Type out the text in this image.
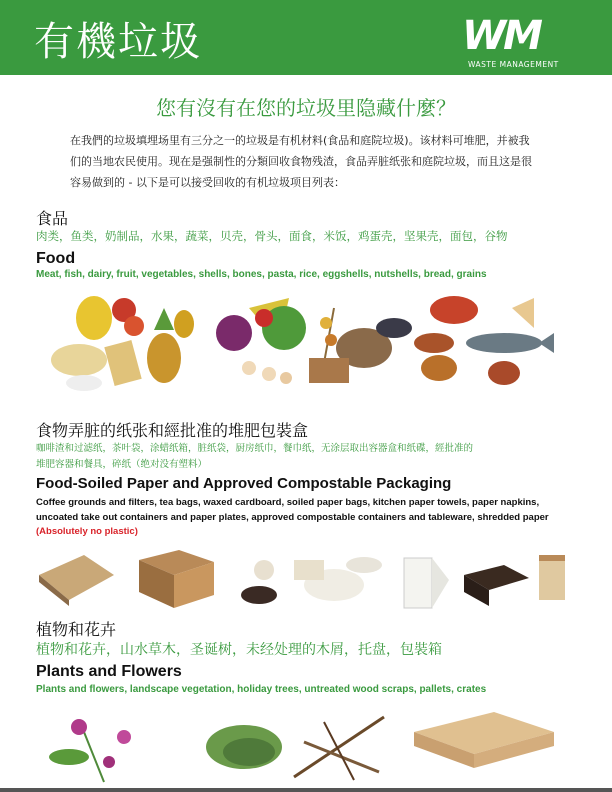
有機垃圾	WM
WASTE MANAGEMENT
您有沒有在您的垃圾里隐藏什麼？
在我們的垃圾填埋场里有三分之一的垃圾是有机材料(食品和庭院垃圾)。该材料可堆肥，并被我们的当地农民使用。现在是强制性的分類回收食物残渣，食品弄脏纸张和庭院垃圾，而且这是很容易做到的 - 以下是可以接受回收的有机垃圾项目列表：
食品
肉类，鱼类，奶制品，水果，蔬菜，贝壳，骨头，面食，米饭，鸡蛋壳，坚果壳，面包，谷物
Food
Meat, fish, dairy, fruit, vegetables, shells, bones, pasta, rice, eggshells, nutshells, bread, grains
食物弄脏的纸张和經批准的堆肥包裝盒
咖啡渣和过滤纸，茶叶袋，涂蜡纸箱，脏纸袋，厨房纸巾，餐巾纸，无涂层取出容器盒和纸碟，經批准的
堆肥容器和餐具，碎纸（绝对没有塑料）
Food-Soiled Paper and Approved Compostable Packaging
Coffee grounds and filters, tea bags, waxed cardboard, soiled paper bags, kitchen paper towels, paper napkins, uncoated take out containers and paper plates, approved compostable containers and tableware, shredded paper (Absolutely no plastic)
植物和花卉
植物和花卉，山水草木，圣诞树，未经处理的木屑，托盘，包裝箱
Plants and Flowers
Plants and flowers, landscape vegetation, holiday trees, untreated wood scraps, pallets, crates
